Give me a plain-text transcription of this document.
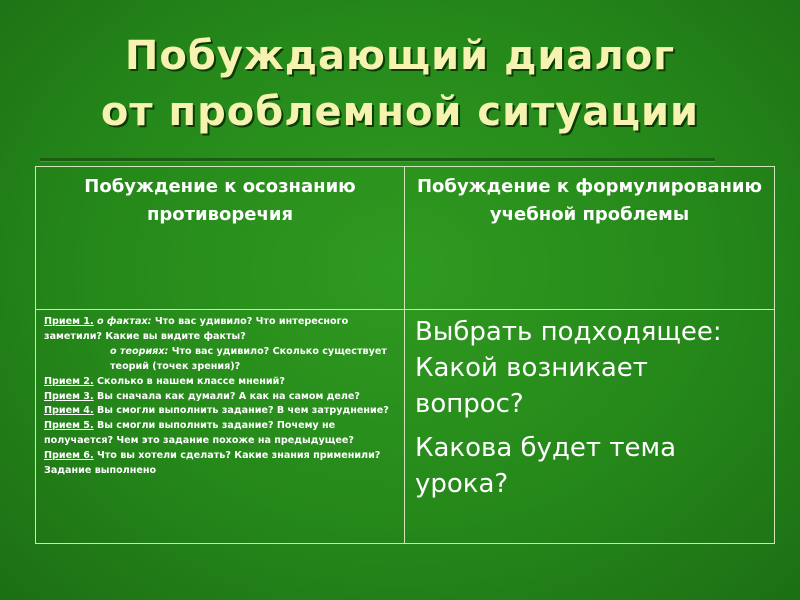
Побуждающий диалог
от проблемной ситуации
Побуждение к осознанию противоречия
Побуждение к формулированию учебной проблемы

Прием 1. о фактах: Что вас удивило? Что интересного заметили? Какие вы видите факты?

о теориях: Что вас удивило? Сколько существует теорий (точек зрения)?

Прием 2. Сколько в нашем классе мнений?

Прием 3. Вы сначала как думали? А как на самом деле?

Прием 4. Вы смогли выполнить задание? В чем затруднение?

Прием 5. Вы смогли выполнить задание? Почему не получается? Чем это задание похоже на предыдущее?

Прием 6. Что вы хотели сделать? Какие знания применили? Задание выполнено

Выбрать подходящее: Какой возникает вопрос?

Какова будет тема урока?
